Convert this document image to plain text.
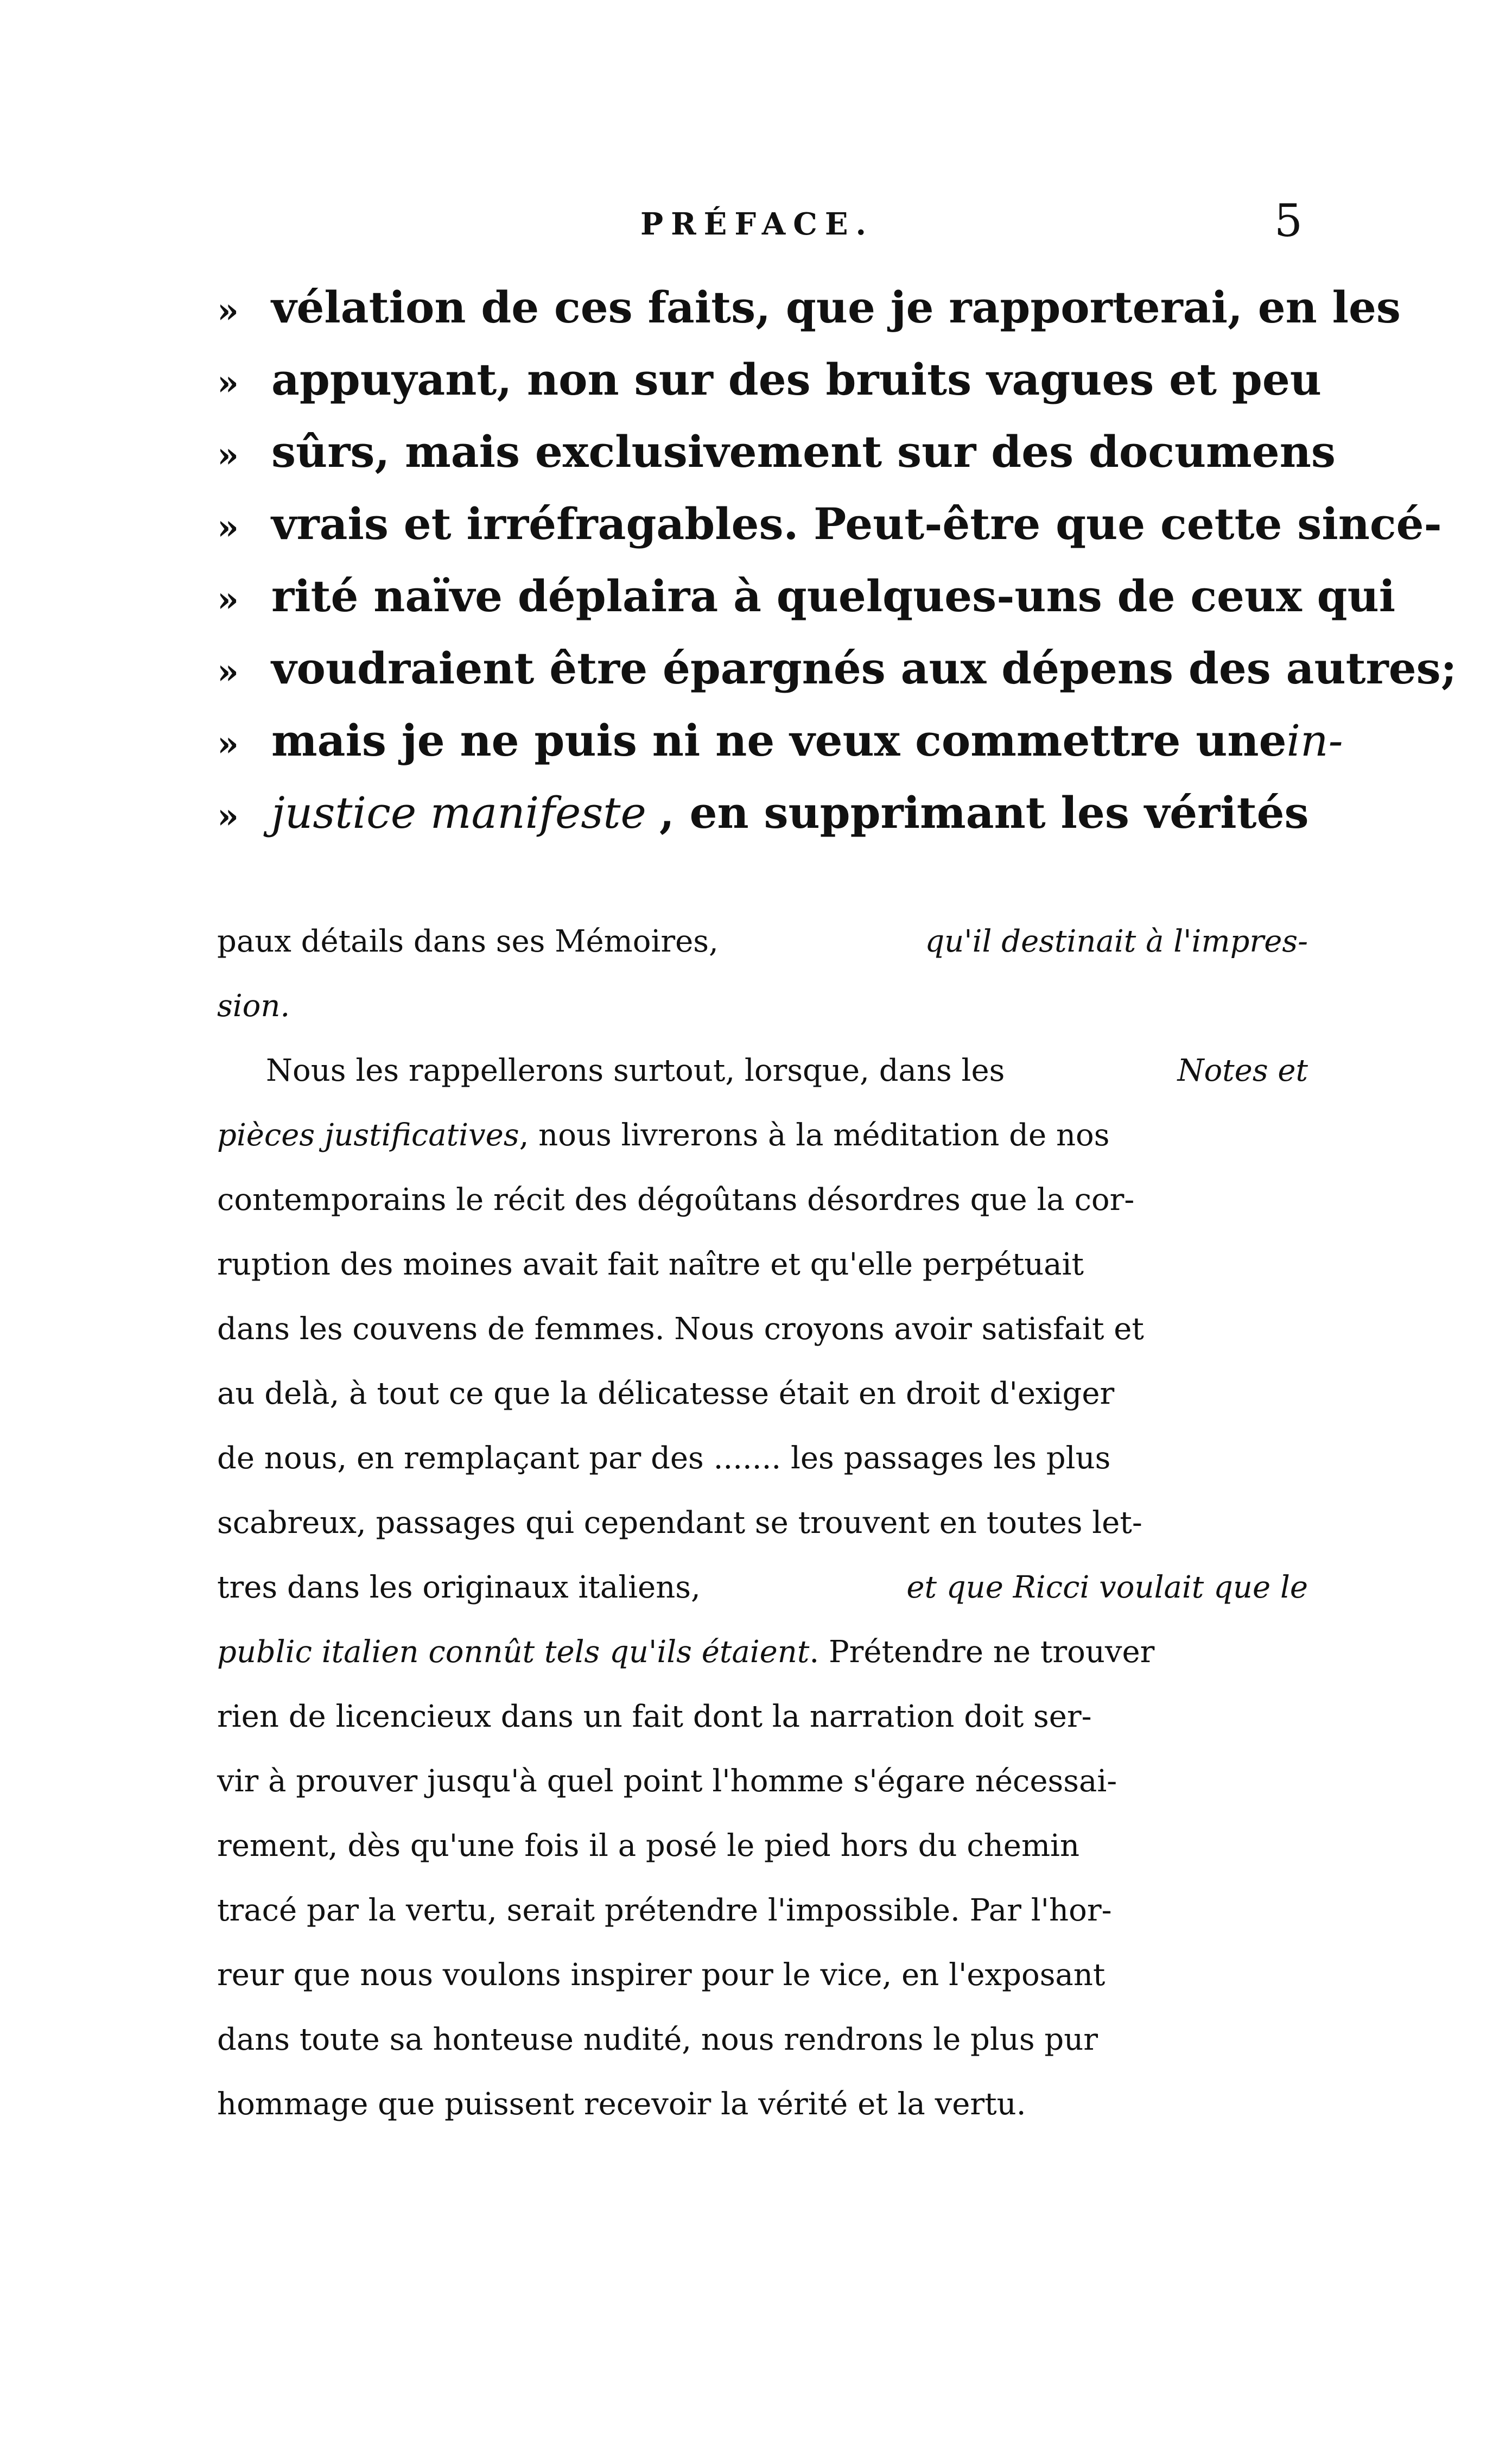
PRÉFACE.	5
» vélation de ces faits, que je rapporterai, en les
» appuyant, non sur des bruits vagues et peu
» sûrs, mais exclusivement sur des documens
» vrais et irréfragables. Peut-être que cette sincé-
» rité naïve déplaira à quelques-uns de ceux qui
» voudraient être épargnés aux dépens des autres;
» mais je ne puis ni ne veux commettre une in-
» justice manifeste , en supprimant les vérités
paux détails dans ses Mémoires,	qu'il destinait à l'impres-
sion.
Nous les rappellerons surtout, lorsque, dans les	Notes et
pièces justificatives , nous livrerons à la méditation de nos
contemporains le récit des dégoûtans désordres que la cor-
ruption des moines avait fait naître et qu'elle perpétuait
dans les couvens de femmes. Nous croyons avoir satisfait et
au delà, à tout ce que la délicatesse était en droit d'exiger
de nous, en remplaçant par des ....... les passages les plus
scabreux, passages qui cependant se trouvent en toutes let-
tres dans les originaux italiens,	et que Ricci voulait que le
public italien connût tels qu'ils étaient . Prétendre ne trouver
rien de licencieux dans un fait dont la narration doit ser-
vir à prouver jusqu'à quel point l'homme s'égare nécessai-
rement, dès qu'une fois il a posé le pied hors du chemin
tracé par la vertu, serait prétendre l'impossible. Par l'hor-
reur que nous voulons inspirer pour le vice, en l'exposant
dans toute sa honteuse nudité, nous rendrons le plus pur
hommage que puissent recevoir la vérité et la vertu.
